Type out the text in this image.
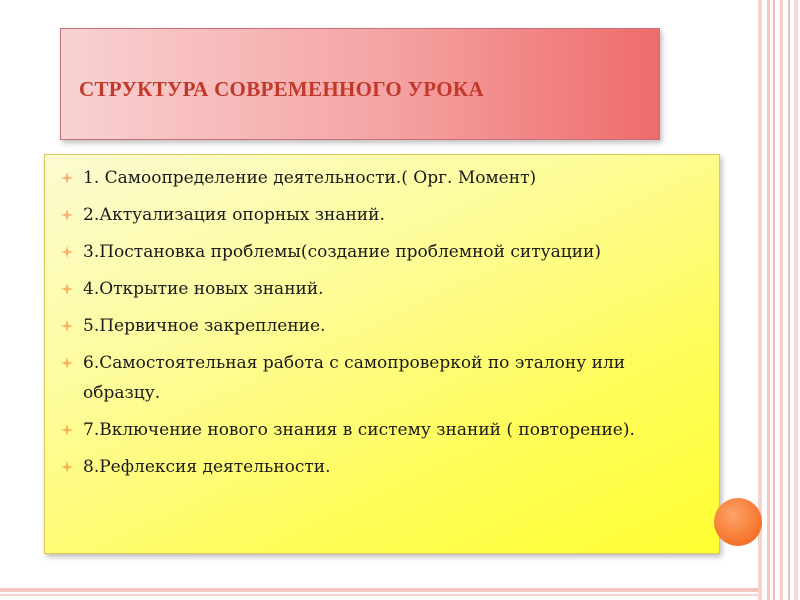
СТРУКТУРА СОВРЕМЕННОГО УРОКА
1. Самоопределение деятельности.( Орг. Момент)
2.Актуализация опорных знаний.
3.Постановка проблемы(создание проблемной ситуации)
4.Открытие новых знаний.
5.Первичное закрепление.
6.Самостоятельная работа с самопроверкой по эталону или образцу.
7.Включение нового знания в систему знаний ( повторение).
8.Рефлексия деятельности.
